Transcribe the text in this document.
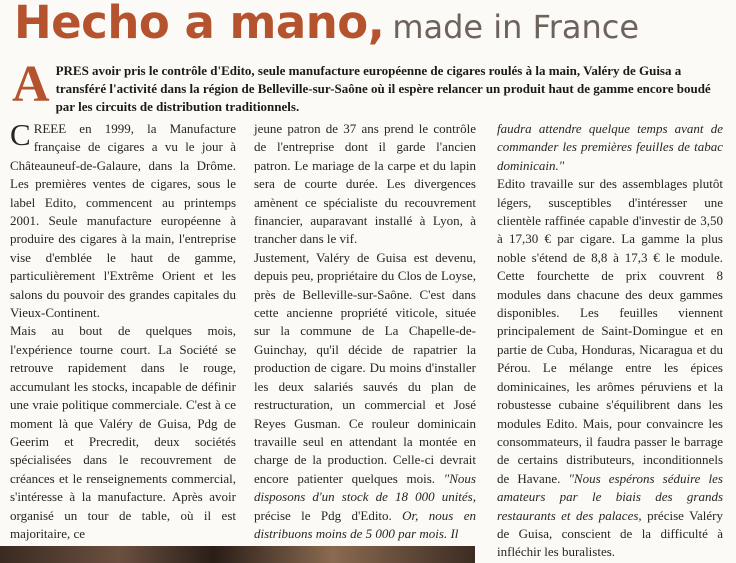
Hecho a mano, made in France
APRES avoir pris le contrôle d'Edito, seule manufacture européenne de cigares roulés à la main, Valéry de Guisa a transféré l'activité dans la région de Belleville-sur-Saône où il espère relancer un produit haut de gamme encore boudé par les circuits de distribution traditionnels.

CREEE en 1999, la Manufacture française de cigares a vu le jour à Châteauneuf-de-Galaure, dans la Drôme. Les premières ventes de cigares, sous le label Edito, commencent au printemps 2001. Seule manufacture européenne à produire des cigares à la main, l'entreprise vise d'emblée le haut de gamme, particulièrement l'Extrême Orient et les salons du pouvoir des grandes capitales du Vieux-Continent.

Mais au bout de quelques mois, l'expérience tourne court. La Société se retrouve rapidement dans le rouge, accumulant les stocks, incapable de définir une vraie politique commerciale. C'est à ce moment là que Valéry de Guisa, Pdg de Geerim et Precredit, deux sociétés spécialisées dans le recouvrement de créances et le renseignements commercial, s'intéresse à la manufacture. Après avoir organisé un tour de table, où il est majoritaire, ce

jeune patron de 37 ans prend le contrôle de l'entreprise dont il garde l'ancien patron. Le mariage de la carpe et du lapin sera de courte durée. Les divergences amènent ce spécialiste du recouvrement financier, auparavant installé à Lyon, à trancher dans le vif.

Justement, Valéry de Guisa est devenu, depuis peu, propriétaire du Clos de Loyse, près de Belleville-sur-Saône. C'est dans cette ancienne propriété viticole, située sur la commune de La Chapelle-de-Guinchay, qu'il décide de rapatrier la production de cigare. Du moins d'installer les deux salariés sauvés du plan de restructuration, un commercial et José Reyes Gusman. Ce rouleur dominicain travaille seul en attendant la montée en charge de la production. Celle-ci devrait encore patienter quelques mois. "Nous disposons d'un stock de 18 000 unités, précise le Pdg d'Edito. Or, nous en distribuons moins de 5 000 par mois. Il

faudra attendre quelque temps avant de commander les premières feuilles de tabac dominicain."

Edito travaille sur des assemblages plutôt légers, susceptibles d'intéresser une clientèle raffinée capable d'investir de 3,50 à 17,30 € par cigare. La gamme la plus noble s'étend de 8,8 à 17,3 € le module. Cette fourchette de prix couvrent 8 modules dans chacune des deux gammes disponibles. Les feuilles viennent principalement de Saint-Domingue et en partie de Cuba, Honduras, Nicaragua et du Pérou. Le mélange entre les épices dominicaines, les arômes péruviens et la robustesse cubaine s'équilibrent dans les modules Edito. Mais, pour convaincre les consommateurs, il faudra passer le barrage de certains distributeurs, inconditionnels de Havane. "Nous espérons séduire les amateurs par le biais des grands restaurants et des palaces, précise Valéry de Guisa, conscient de la difficulté à infléchir les buralistes.
